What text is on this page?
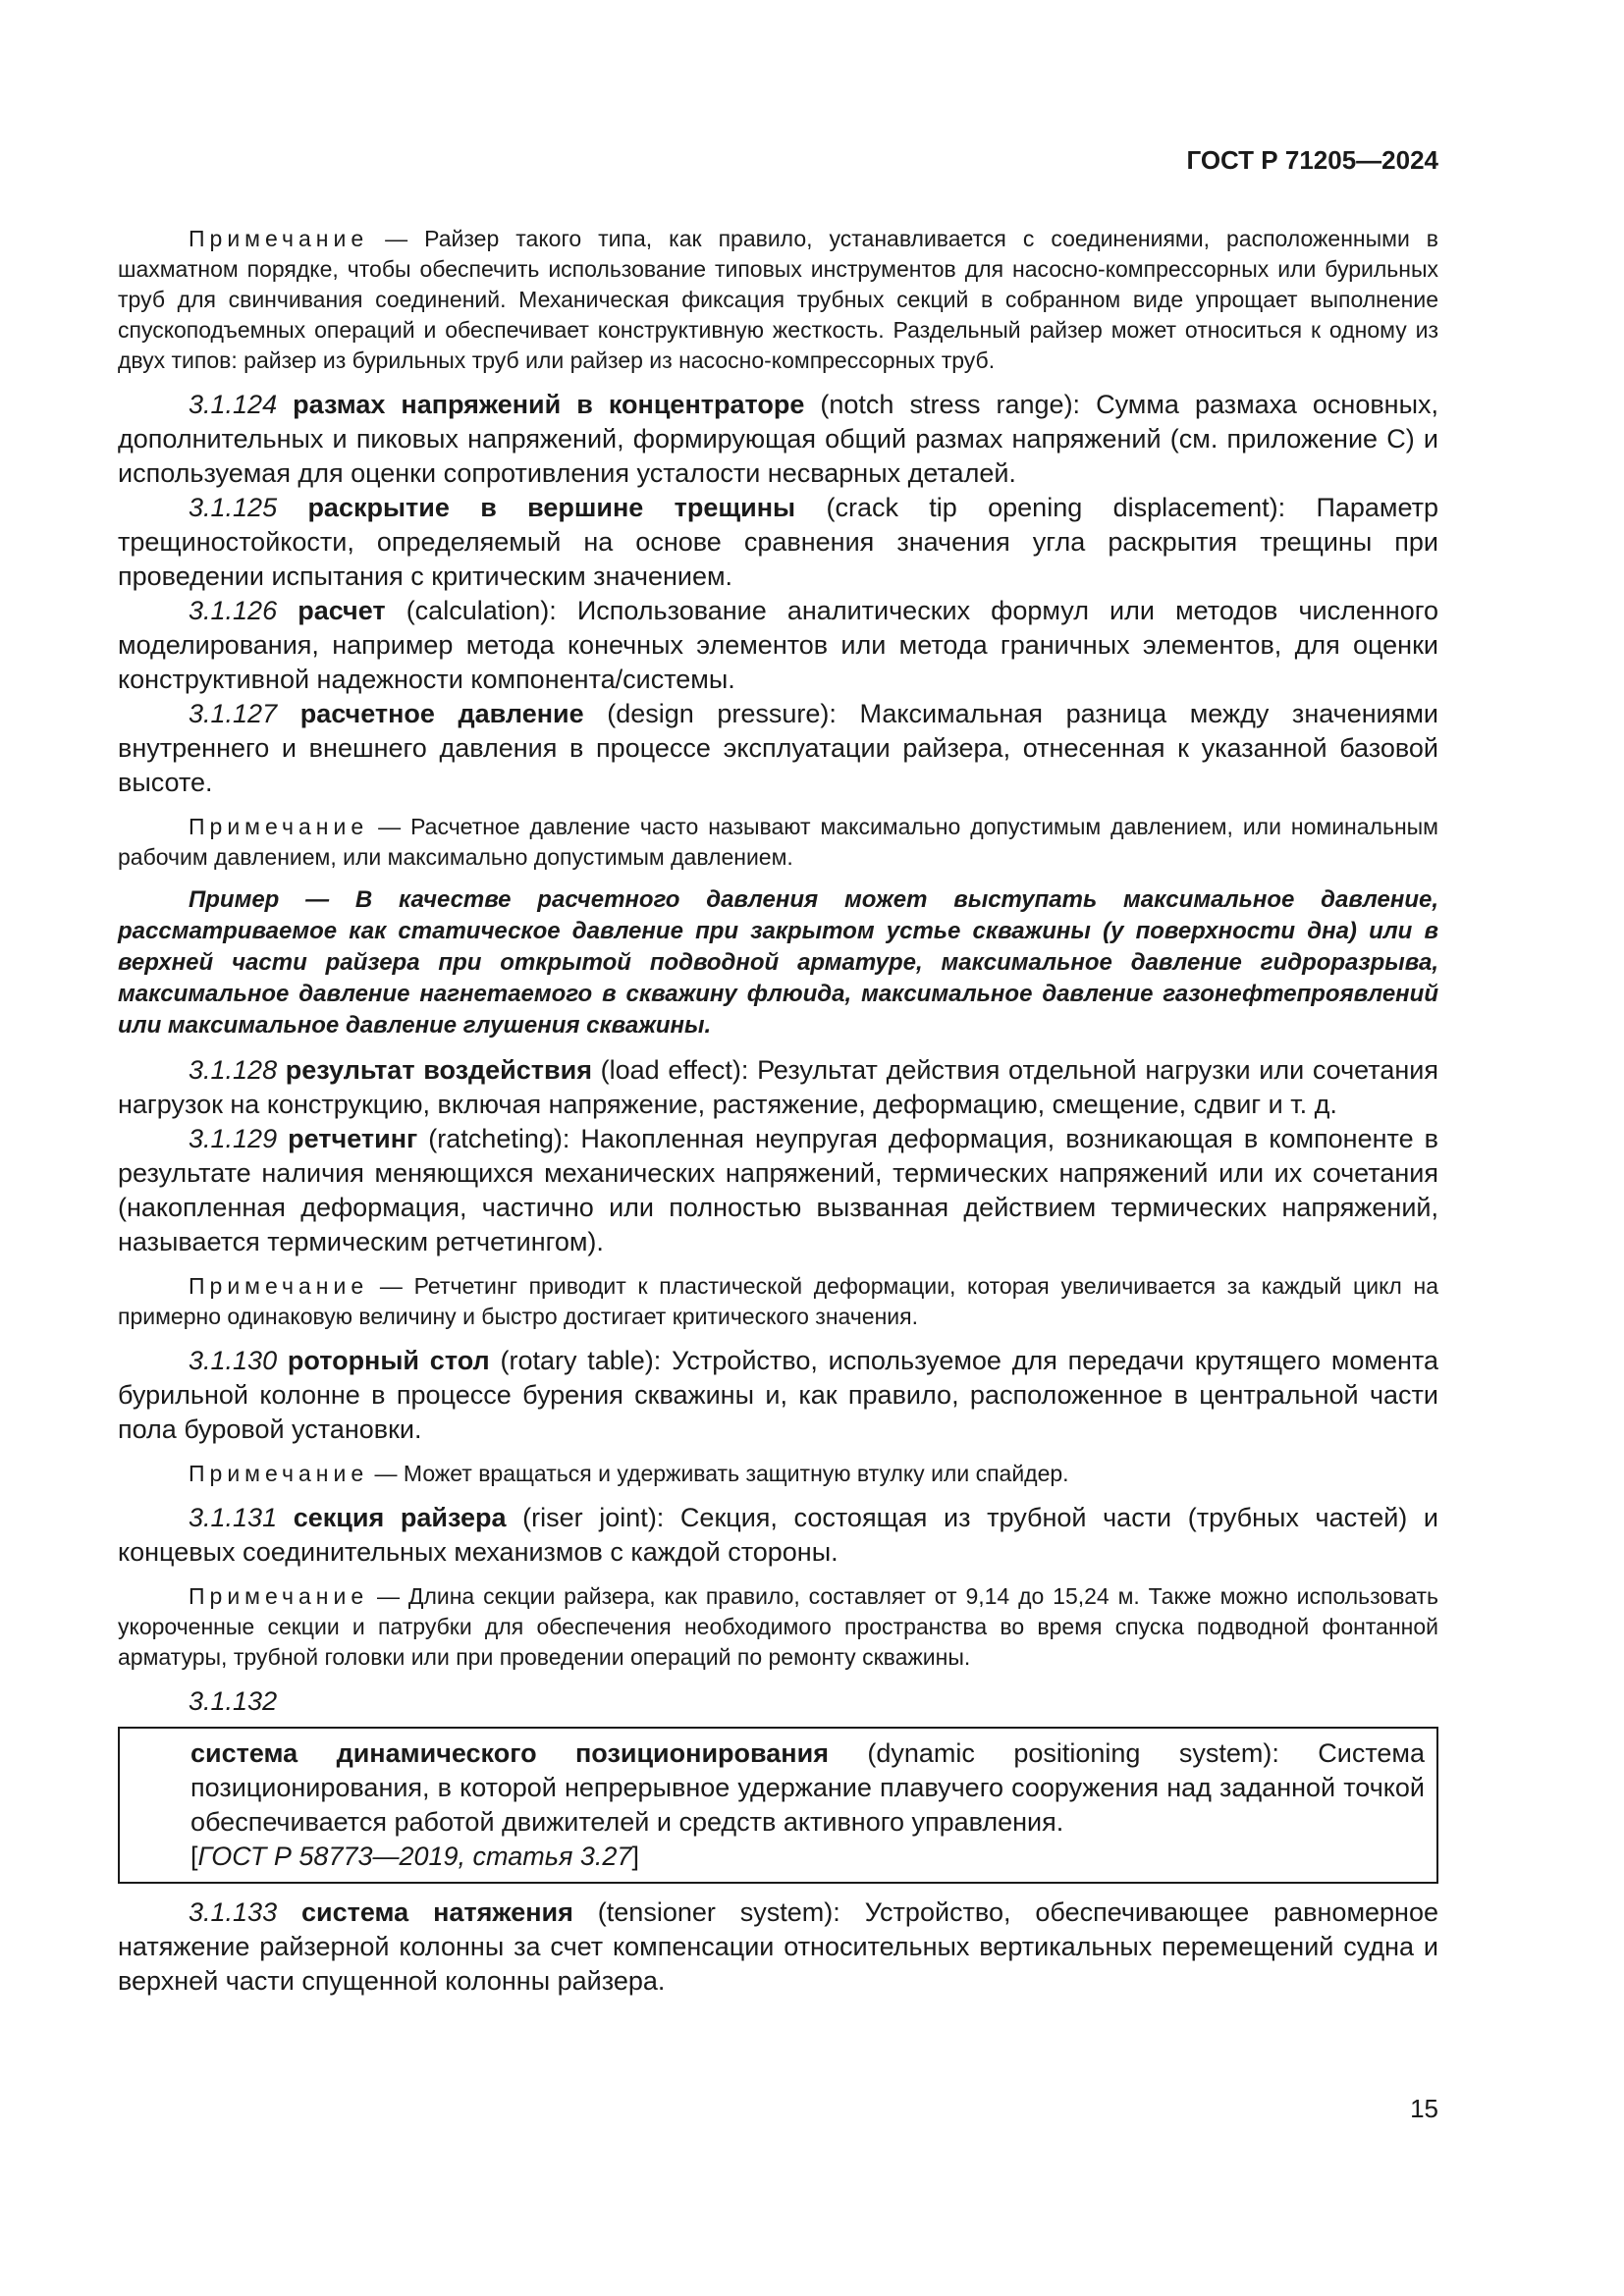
ГОСТ Р 71205—2024

Примечание — Райзер такого типа, как правило, устанавливается с соединениями, расположенными в шахматном порядке, чтобы обеспечить использование типовых инструментов для насосно-компрессорных или бурильных труб для свинчивания соединений. Механическая фиксация трубных секций в собранном виде упрощает выполнение спускоподъемных операций и обеспечивает конструктивную жесткость. Раздельный райзер может относиться к одному из двух типов: райзер из бурильных труб или райзер из насосно-компрессорных труб.

3.1.124 размах напряжений в концентраторе (notch stress range): Сумма размаха основных, дополнительных и пиковых напряжений, формирующая общий размах напряжений (см. приложение С) и используемая для оценки сопротивления усталости несварных деталей.

3.1.125 раскрытие в вершине трещины (crack tip opening displacement): Параметр трещиностойкости, определяемый на основе сравнения значения угла раскрытия трещины при проведении испытания с критическим значением.

3.1.126 расчет (calculation): Использование аналитических формул или методов численного моделирования, например метода конечных элементов или метода граничных элементов, для оценки конструктивной надежности компонента/системы.

3.1.127 расчетное давление (design pressure): Максимальная разница между значениями внутреннего и внешнего давления в процессе эксплуатации райзера, отнесенная к указанной базовой высоте.

Примечание — Расчетное давление часто называют максимально допустимым давлением, или номинальным рабочим давлением, или максимально допустимым давлением.

Пример — В качестве расчетного давления может выступать максимальное давление, рассматриваемое как статическое давление при закрытом устье скважины (у поверхности дна) или в верхней части райзера при открытой подводной арматуре, максимальное давление гидроразрыва, максимальное давление нагнетаемого в скважину флюида, максимальное давление газонефтепроявлений или максимальное давление глушения скважины.

3.1.128 результат воздействия (load effect): Результат действия отдельной нагрузки или сочетания нагрузок на конструкцию, включая напряжение, растяжение, деформацию, смещение, сдвиг и т. д.

3.1.129 ретчетинг (ratcheting): Накопленная неупругая деформация, возникающая в компоненте в результате наличия меняющихся механических напряжений, термических напряжений или их сочетания (накопленная деформация, частично или полностью вызванная действием термических напряжений, называется термическим ретчетингом).

Примечание — Ретчетинг приводит к пластической деформации, которая увеличивается за каждый цикл на примерно одинаковую величину и быстро достигает критического значения.

3.1.130 роторный стол (rotary table): Устройство, используемое для передачи крутящего момента бурильной колонне в процессе бурения скважины и, как правило, расположенное в центральной части пола буровой установки.

Примечание — Может вращаться и удерживать защитную втулку или спайдер.

3.1.131 секция райзера (riser joint): Секция, состоящая из трубной части (трубных частей) и концевых соединительных механизмов с каждой стороны.

Примечание — Длина секции райзера, как правило, составляет от 9,14 до 15,24 м. Также можно использовать укороченные секции и патрубки для обеспечения необходимого пространства во время спуска подводной фонтанной арматуры, трубной головки или при проведении операций по ремонту скважины.

3.1.132

система динамического позиционирования (dynamic positioning system): Система позиционирования, в которой непрерывное удержание плавучего сооружения над заданной точкой обеспечивается работой движителей и средств активного управления.

[ГОСТ Р 58773—2019, статья 3.27]

3.1.133 система натяжения (tensioner system): Устройство, обеспечивающее равномерное натяжение райзерной колонны за счет компенсации относительных вертикальных перемещений судна и верхней части спущенной колонны райзера.

15
